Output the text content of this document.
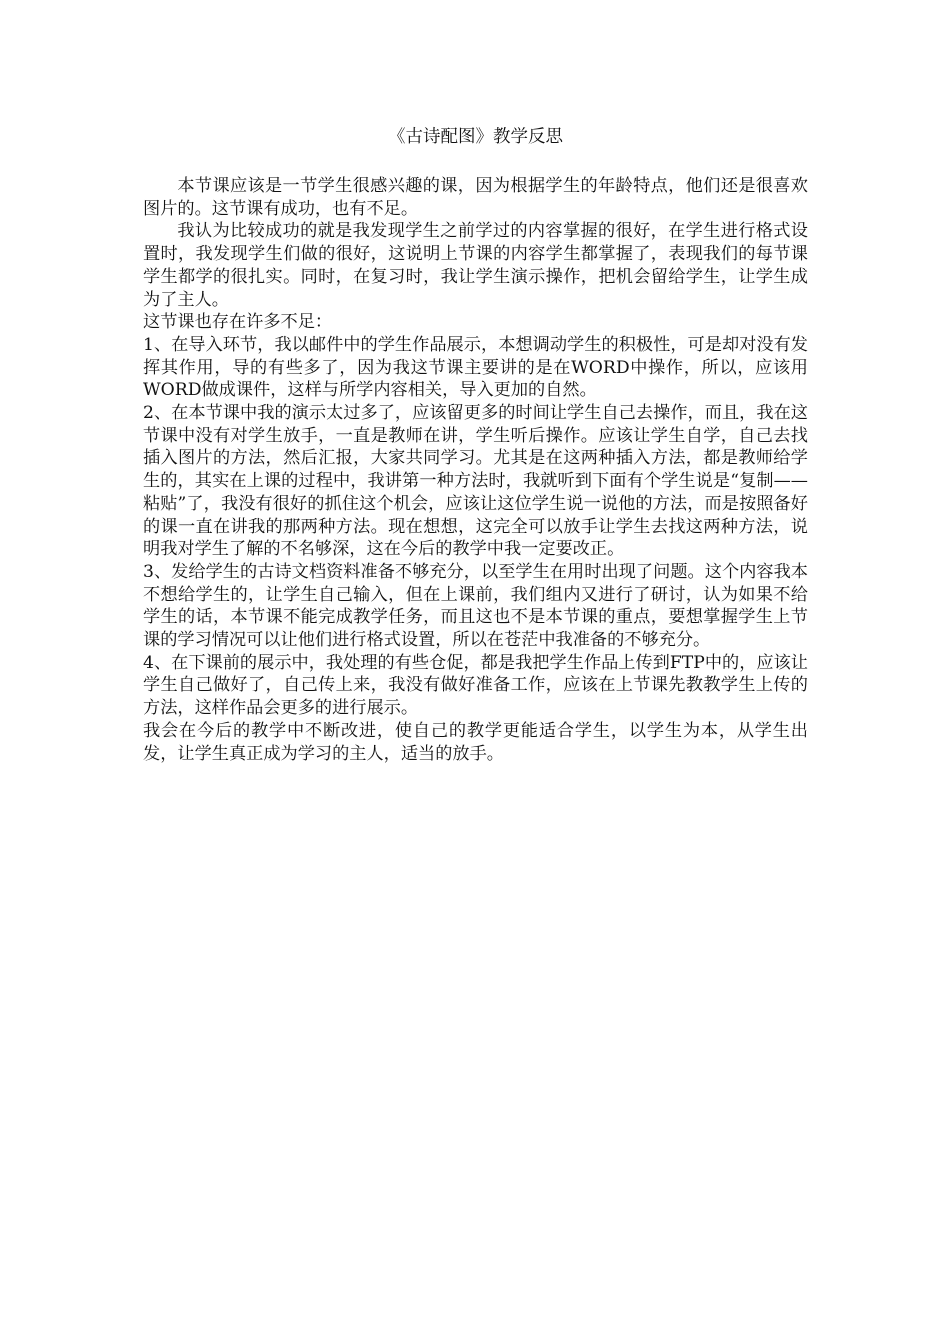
《古诗配图》教学反思

本节课应该是一节学生很感兴趣的课，因为根据学生的年龄特点，他们还是很喜欢图片的。这节课有成功，也有不足。

我认为比较成功的就是我发现学生之前学过的内容掌握的很好，在学生进行格式设置时，我发现学生们做的很好，这说明上节课的内容学生都掌握了，表现我们的每节课学生都学的很扎实。同时，在复习时，我让学生演示操作，把机会留给学生，让学生成为了主人。

这节课也存在许多不足：

1、在导入环节，我以邮件中的学生作品展示，本想调动学生的积极性，可是却对没有发挥其作用，导的有些多了，因为我这节课主要讲的是在WORD中操作，所以，应该用WORD做成课件，这样与所学内容相关，导入更加的自然。

2、在本节课中我的演示太过多了，应该留更多的时间让学生自己去操作，而且，我在这节课中没有对学生放手，一直是教师在讲，学生听后操作。应该让学生自学，自己去找插入图片的方法，然后汇报，大家共同学习。尤其是在这两种插入方法，都是教师给学生的，其实在上课的过程中，我讲第一种方法时，我就听到下面有个学生说是“复制——粘贴”了，我没有很好的抓住这个机会，应该让这位学生说一说他的方法，而是按照备好的课一直在讲我的那两种方法。现在想想，这完全可以放手让学生去找这两种方法，说明我对学生了解的不名够深，这在今后的教学中我一定要改正。

3、发给学生的古诗文档资料准备不够充分，以至学生在用时出现了问题。这个内容我本不想给学生的，让学生自己输入，但在上课前，我们组内又进行了研讨，认为如果不给学生的话，本节课不能完成教学任务，而且这也不是本节课的重点，要想掌握学生上节课的学习情况可以让他们进行格式设置，所以在苍茫中我准备的不够充分。

4、在下课前的展示中，我处理的有些仓促，都是我把学生作品上传到FTP中的，应该让学生自己做好了，自己传上来，我没有做好准备工作，应该在上节课先教教学生上传的方法，这样作品会更多的进行展示。

我会在今后的教学中不断改进，使自己的教学更能适合学生，以学生为本，从学生出发，让学生真正成为学习的主人，适当的放手。
